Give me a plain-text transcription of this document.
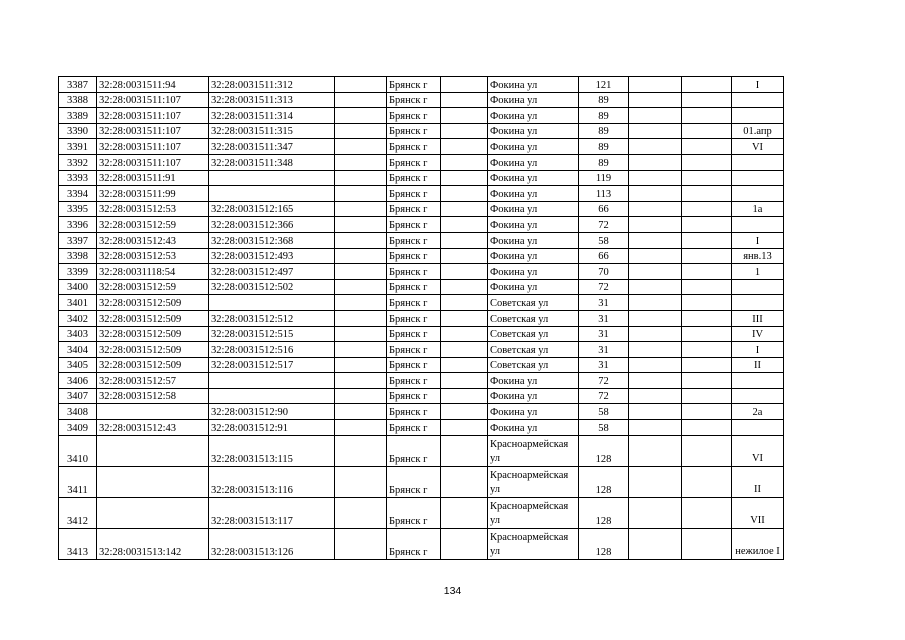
3387	32:28:0031511:94	32:28:0031511:312		Брянск г		Фокина ул	121			I
3388	32:28:0031511:107	32:28:0031511:313		Брянск г		Фокина ул	89			
3389	32:28:0031511:107	32:28:0031511:314		Брянск г		Фокина ул	89			
3390	32:28:0031511:107	32:28:0031511:315		Брянск г		Фокина ул	89			01.апр
3391	32:28:0031511:107	32:28:0031511:347		Брянск г		Фокина ул	89			VI
3392	32:28:0031511:107	32:28:0031511:348		Брянск г		Фокина ул	89			
3393	32:28:0031511:91			Брянск г		Фокина ул	119			
3394	32:28:0031511:99			Брянск г		Фокина ул	113			
3395	32:28:0031512:53	32:28:0031512:165		Брянск г		Фокина ул	66			1а
3396	32:28:0031512:59	32:28:0031512:366		Брянск г		Фокина ул	72			
3397	32:28:0031512:43	32:28:0031512:368		Брянск г		Фокина ул	58			I
3398	32:28:0031512:53	32:28:0031512:493		Брянск г		Фокина ул	66			янв.13
3399	32:28:0031118:54	32:28:0031512:497		Брянск г		Фокина ул	70			1
3400	32:28:0031512:59	32:28:0031512:502		Брянск г		Фокина ул	72			
3401	32:28:0031512:509			Брянск г		Советская ул	31			
3402	32:28:0031512:509	32:28:0031512:512		Брянск г		Советская ул	31			III
3403	32:28:0031512:509	32:28:0031512:515		Брянск г		Советская ул	31			IV
3404	32:28:0031512:509	32:28:0031512:516		Брянск г		Советская ул	31			I
3405	32:28:0031512:509	32:28:0031512:517		Брянск г		Советская ул	31			II
3406	32:28:0031512:57			Брянск г		Фокина ул	72			
3407	32:28:0031512:58			Брянск г		Фокина ул	72			
3408		32:28:0031512:90		Брянск г		Фокина ул	58			2а
3409	32:28:0031512:43	32:28:0031512:91		Брянск г		Фокина ул	58			
3410		32:28:0031513:115		Брянск г		Красноармейская ул	128			VI
3411		32:28:0031513:116		Брянск г		Красноармейская ул	128			II
3412		32:28:0031513:117		Брянск г		Красноармейская ул	128			VII
3413	32:28:0031513:142	32:28:0031513:126		Брянск г		Красноармейская ул	128			нежилое I
134
